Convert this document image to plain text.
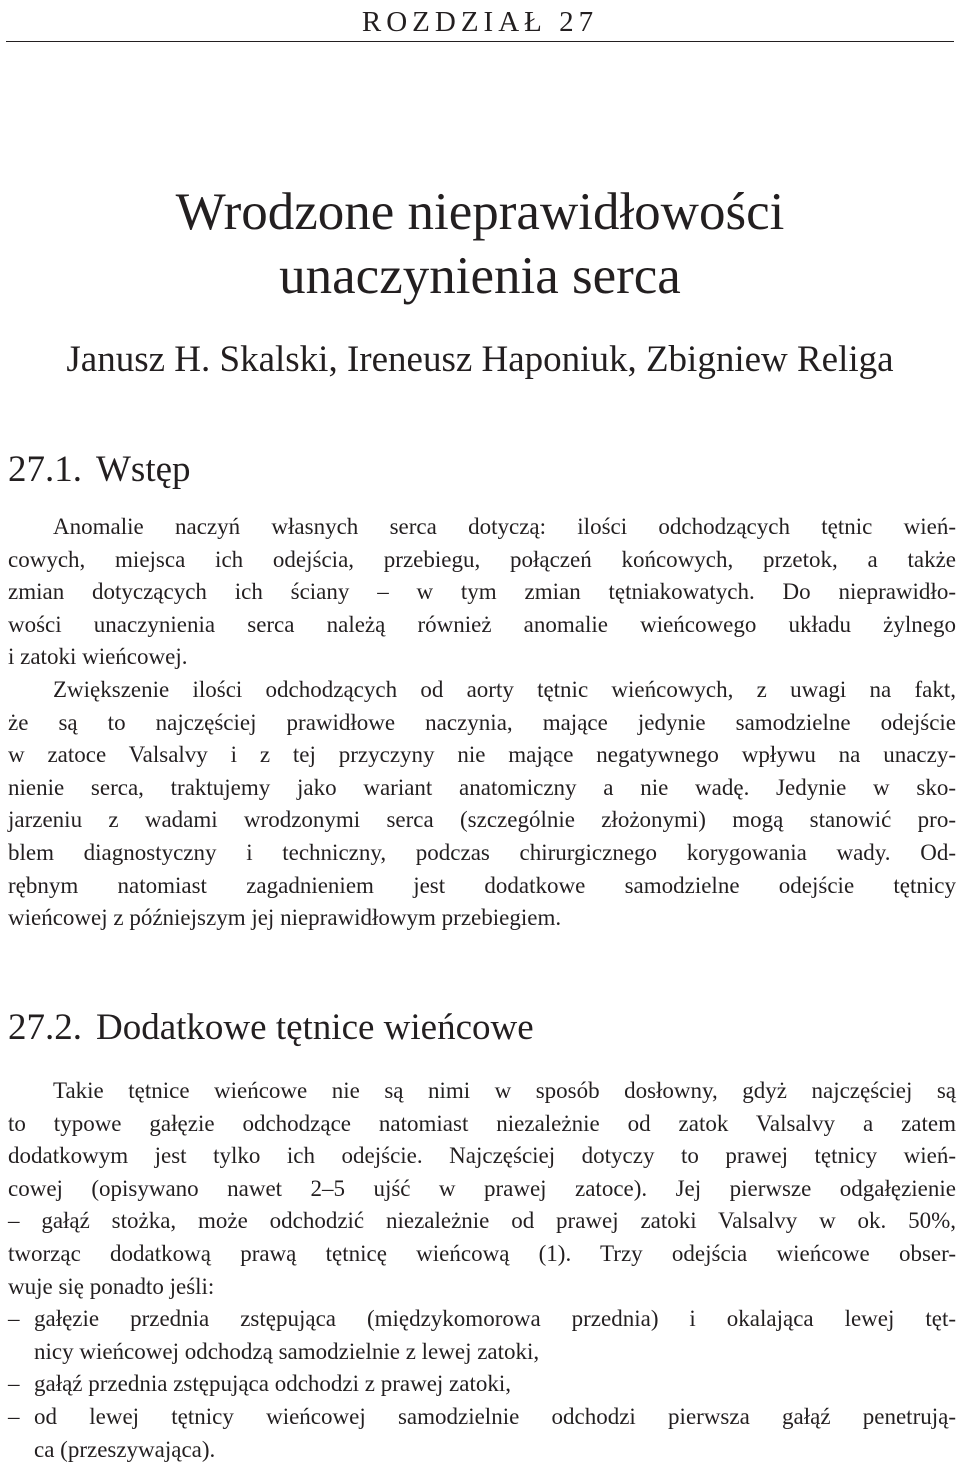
ROZDZIAŁ 27
Wrodzone nieprawidłowości
unaczynienia serca
Janusz H. Skalski, Ireneusz Haponiuk, Zbigniew Religa
27.1. Wstęp
Anomalie naczyń własnych serca dotyczą: ilości odchodzących tętnic wień-
cowych, miejsca ich odejścia, przebiegu, połączeń końcowych, przetok, a także
zmian dotyczących ich ściany – w tym zmian tętniakowatych. Do nieprawidło-
wości unaczynienia serca należą również anomalie wieńcowego układu żylnego
i zatoki wieńcowej.
Zwiększenie ilości odchodzących od aorty tętnic wieńcowych, z uwagi na fakt,
że są to najczęściej prawidłowe naczynia, mające jedynie samodzielne odejście
w zatoce Valsalvy i z tej przyczyny nie mające negatywnego wpływu na unaczy-
nienie serca, traktujemy jako wariant anatomiczny a nie wadę. Jedynie w sko-
jarzeniu z wadami wrodzonymi serca (szczególnie złożonymi) mogą stanowić pro-
blem diagnostyczny i techniczny, podczas chirurgicznego korygowania wady. Od-
rębnym natomiast zagadnieniem jest dodatkowe samodzielne odejście tętnicy
wieńcowej z późniejszym jej nieprawidłowym przebiegiem.
27.2. Dodatkowe tętnice wieńcowe
Takie tętnice wieńcowe nie są nimi w sposób dosłowny, gdyż najczęściej są
to typowe gałęzie odchodzące natomiast niezależnie od zatok Valsalvy a zatem
dodatkowym jest tylko ich odejście. Najczęściej dotyczy to prawej tętnicy wień-
cowej (opisywano nawet 2–5 ujść w prawej zatoce). Jej pierwsze odgałęzienie
– gałąź stożka, może odchodzić niezależnie od prawej zatoki Valsalvy w ok. 50%,
tworząc dodatkową prawą tętnicę wieńcową (1). Trzy odejścia wieńcowe obser-
wuje się ponadto jeśli:
– gałęzie przednia zstępująca (międzykomorowa przednia) i okalająca lewej tęt-
nicy wieńcowej odchodzą samodzielnie z lewej zatoki,
– gałąź przednia zstępująca odchodzi z prawej zatoki,
– od lewej tętnicy wieńcowej samodzielnie odchodzi pierwsza gałąź penetrują-
ca (przeszywająca).
